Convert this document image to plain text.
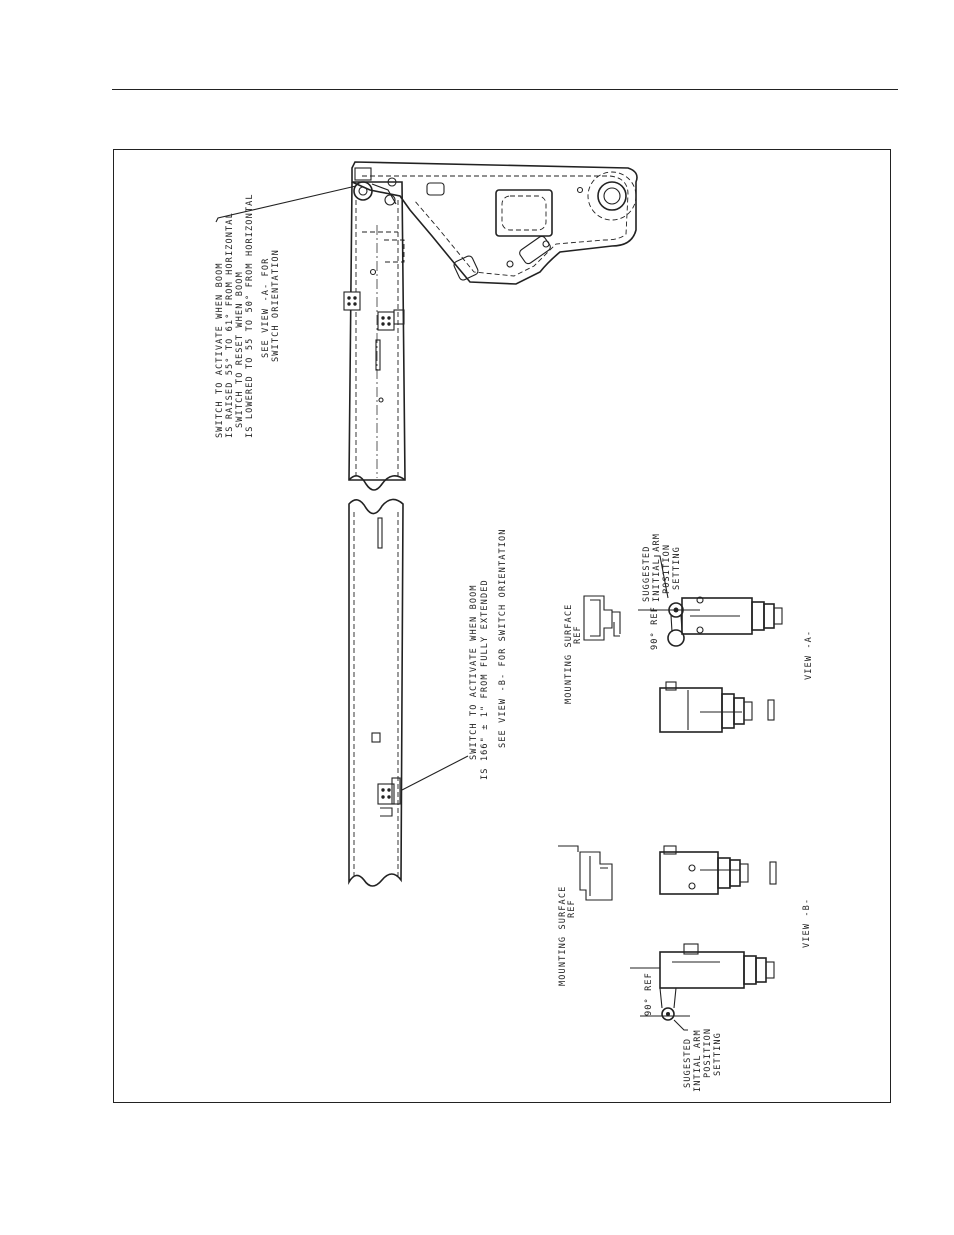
SWITCH TO ACTIVATE WHEN BOOM IS RAISED 55° TO 61° FROM HORIZONTAL SWITCH TO RESET WHEN BOOM IS LOWERED TO 55 TO 50° FROM HORIZONTAL SEE VIEW -A- FOR SWITCH ORIENTATION
SWITCH TO ACTIVATE WHEN BOOM IS 166" ± 1" FROM FULLY EXTENDED SEE VIEW -B- FOR SWITCH ORIENTATION	MOUNTING SURFACE REF	90° REF
SUGGESTED INITIAL ARM POSITION SETTING
VIEW -A-
MOUNTING SURFACE REF
90° REF
SUGESTED INTIAL ARM POSITION SETTING
VIEW -B-
